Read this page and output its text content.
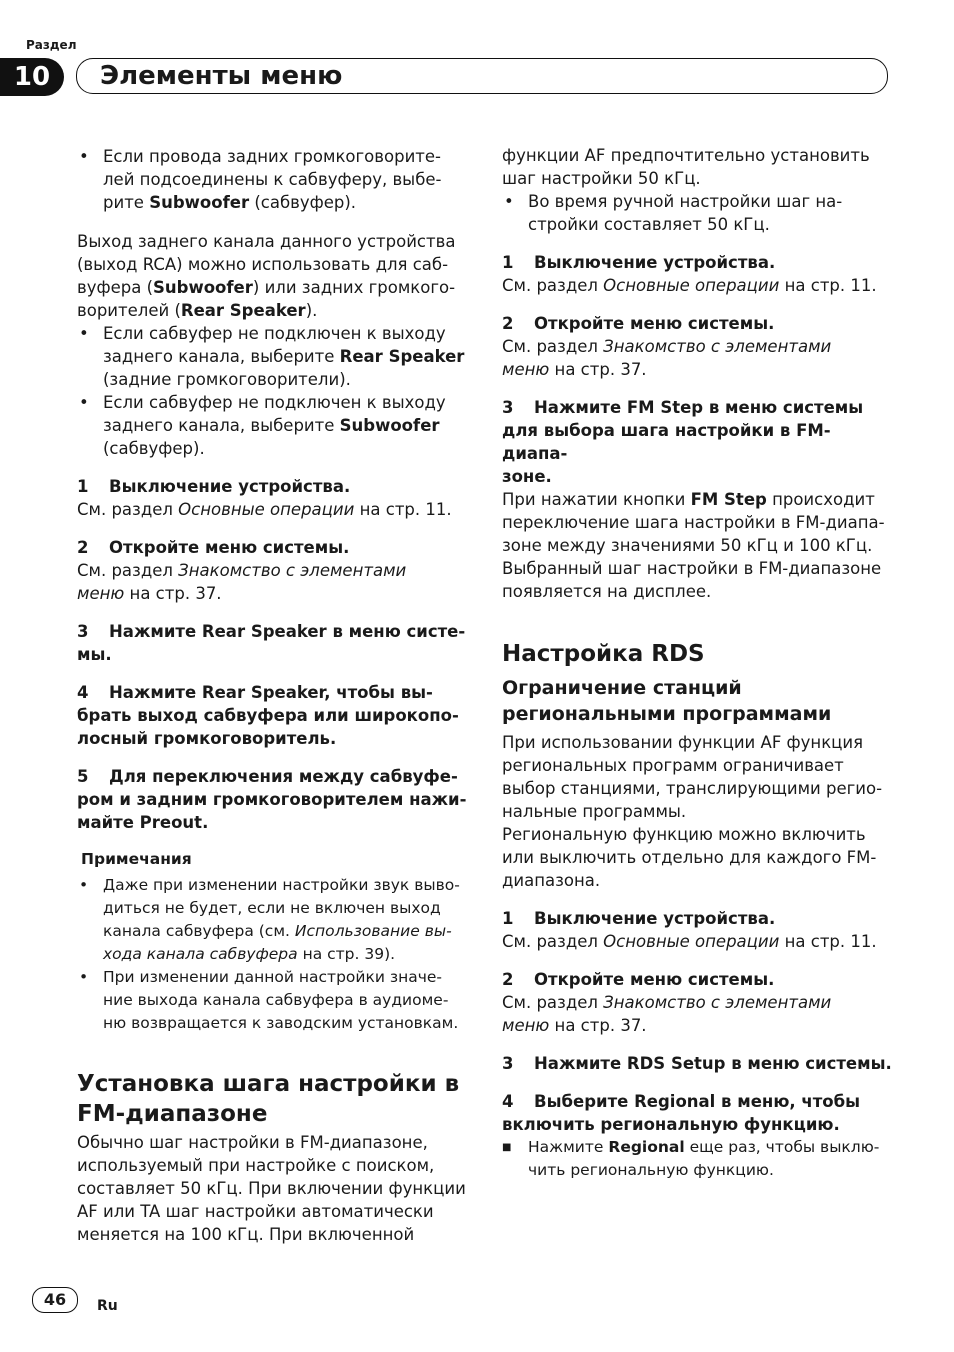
Раздел
10	Элементы меню

• Если провода задних громкоговорите-
лей подсоединены к сабвуферу, выбе-
рите Subwoofer (сабвуфер).

Выход заднего канала данного устройства
(выход RCA) можно использовать для саб-
вуфера (Subwoofer) или задних громкого-
ворителей (Rear Speaker).

• Если сабвуфер не подключен к выходу
заднего канала, выберите Rear Speaker
(задние громкоговорители).

• Если сабвуфер не подключен к выходу
заднего канала, выберите Subwoofer
(сабвуфер).

1 Выключение устройства.

См. раздел Основные операции на стр. 11.

2 Откройте меню системы.

См. раздел Знакомство с элементами
меню на стр. 37.

3 Нажмите Rear Speaker в меню систе-
мы.

4 Нажмите Rear Speaker, чтобы вы-
брать выход сабвуфера или широкопо-
лосный громкоговоритель.

5 Для переключения между сабвуфе-
ром и задним громкоговорителем нажи-
майте Preout.

Примечания

• Даже при изменении настройки звук выво-
диться не будет, если не включен выход
канала сабвуфера (см. Использование вы-
хода канала сабвуфера на стр. 39).

• При изменении данной настройки значе-
ние выхода канала сабвуфера в аудиоме-
ню возвращается к заводским установкам.

Установка шага настройки в
FM-диапазоне

Обычно шаг настройки в FM-диапазоне,
используемый при настройке с поиском,
составляет 50 кГц. При включении функции
AF или TA шаг настройки автоматически
меняется на 100 кГц. При включенной

функции AF предпочтительно установить
шаг настройки 50 кГц.

• Во время ручной настройки шаг на-
стройки составляет 50 кГц.

1 Выключение устройства.

См. раздел Основные операции на стр. 11.

2 Откройте меню системы.

См. раздел Знакомство с элементами
меню на стр. 37.

3 Нажмите FM Step в меню системы
для выбора шага настройки в FM-диапа-
зоне.

При нажатии кнопки FM Step происходит
переключение шага настройки в FM-диапа-
зоне между значениями 50 кГц и 100 кГц.
Выбранный шаг настройки в FM-диапазоне
появляется на дисплее.

Настройка RDS
Ограничение станций
региональными программами

При использовании функции AF функция
региональных программ ограничивает
выбор станциями, транслирующими регио-
нальные программы.
Региональную функцию можно включить
или выключить отдельно для каждого FM-
диапазона.

1 Выключение устройства.

См. раздел Основные операции на стр. 11.

2 Откройте меню системы.

См. раздел Знакомство с элементами
меню на стр. 37.

3 Нажмите RDS Setup в меню системы.

4 Выберите Regional в меню, чтобы
включить региональную функцию.

■ Нажмите Regional еще раз, чтобы выклю-
чить региональную функцию.

46	Ru
